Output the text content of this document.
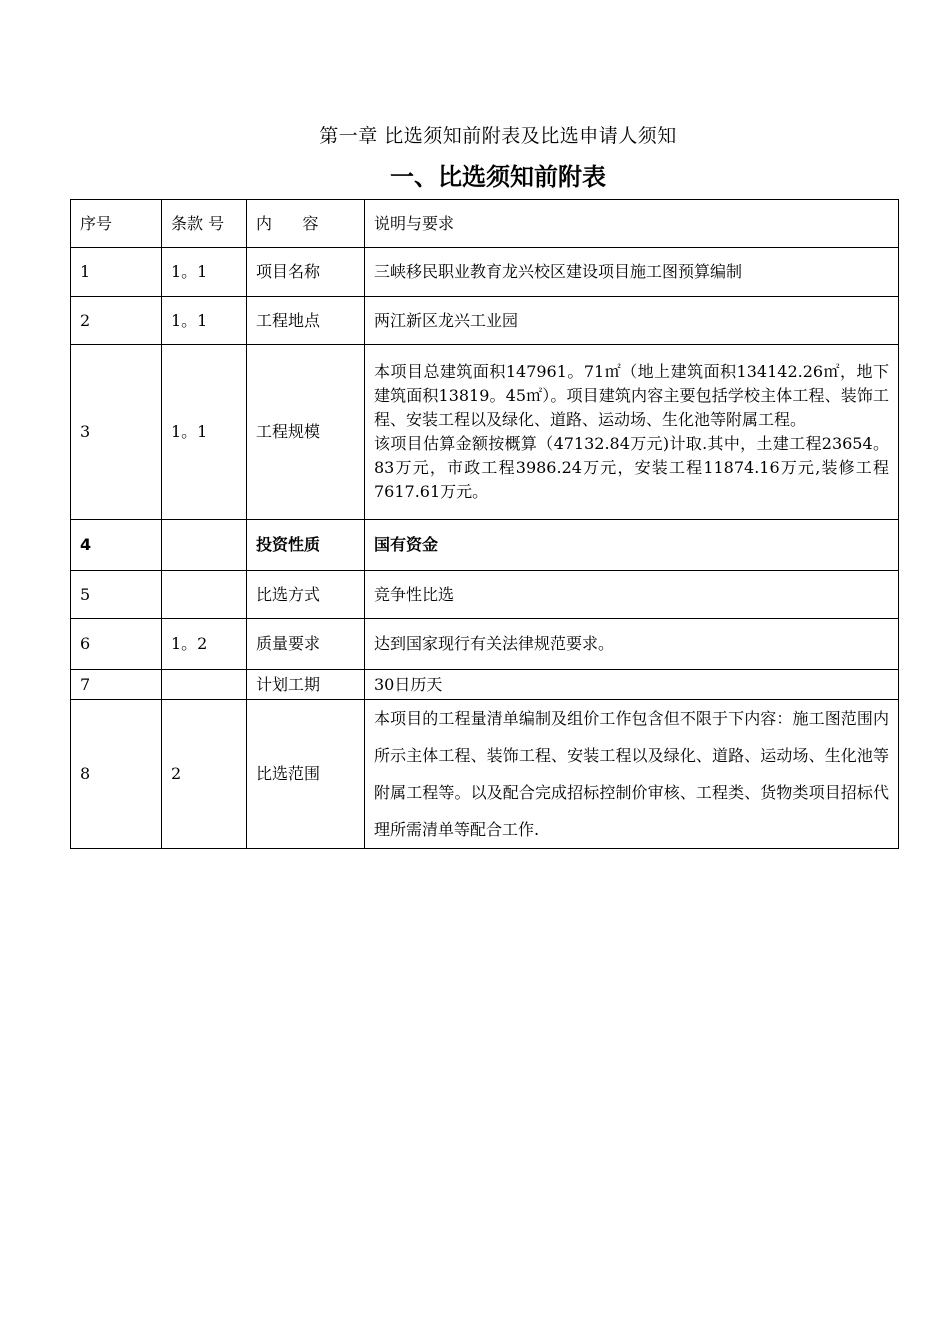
第一章 比选须知前附表及比选申请人须知
一、比选须知前附表
序号	条款 号	内      容	说明与要求
1	1。1	项目名称	三峡移民职业教育龙兴校区建设项目施工图预算编制
2	1。1	工程地点	两江新区龙兴工业园
3	1。1	工程规模	本项目总建筑面积147961。71㎡（地上建筑面积134142.26㎡，地下建筑面积13819。45㎡）。项目建筑内容主要包括学校主体工程、装饰工程、安装工程以及绿化、道路、运动场、生化池等附属工程。
该项目估算金额按概算（47132.84万元)计取.其中，土建工程23654。83万元，市政工程3986.24万元，安装工程11874.16万元,装修工程7617.61万元。

4		投资性质	国有资金
5		比选方式	竞争性比选
6	1。2	质量要求	达到国家现行有关法律规范要求。
7		计划工期	30日历天
8	2	比选范围	本项目的工程量清单编制及组价工作包含但不限于下内容：施工图范围内所示主体工程、装饰工程、安装工程以及绿化、道路、运动场、生化池等附属工程等。以及配合完成招标控制价审核、工程类、货物类项目招标代理所需清单等配合工作.
